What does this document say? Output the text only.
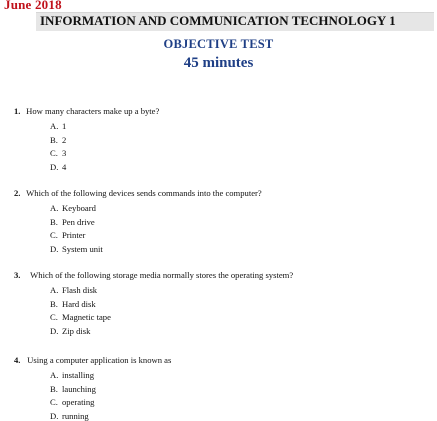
June 2018
INFORMATION AND COMMUNICATION TECHNOLOGY 1
OBJECTIVE TEST
45 minutes
1. How many characters make up a byte?
A. 1
B. 2
C. 3
D. 4
2. Which of the following devices sends commands into the computer?
A. Keyboard
B. Pen drive
C. Printer
D. System unit
3. Which of the following storage media normally stores the operating system?
A. Flash disk
B. Hard disk
C. Magnetic tape
D. Zip disk
4. Using a computer application is known as
A. installing
B. launching
C. operating
D. running
